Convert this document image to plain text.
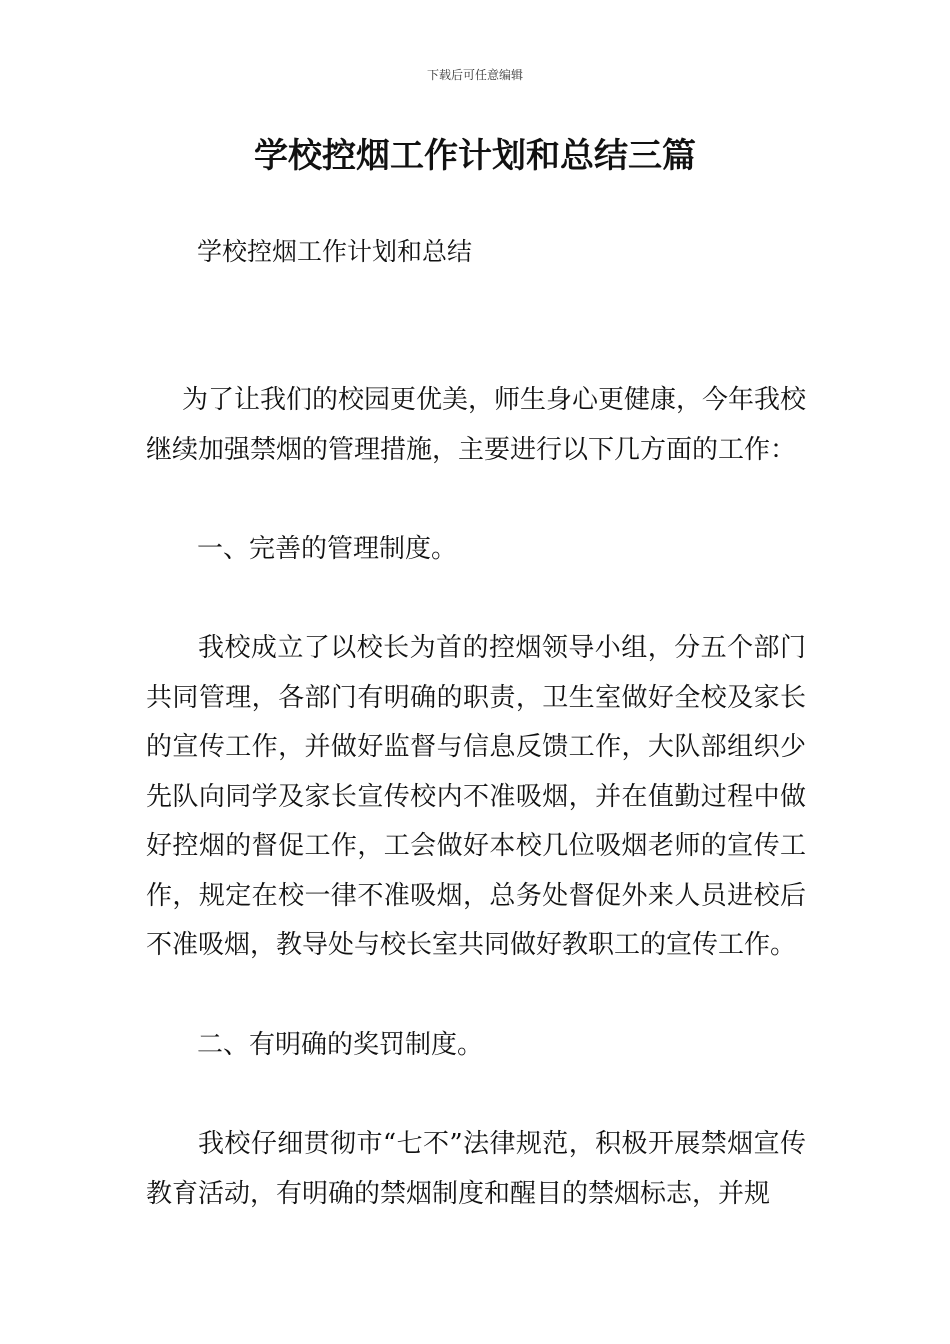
下载后可任意编辑
学校控烟工作计划和总结三篇
学校控烟工作计划和总结

为了让我们的校园更优美，师生身心更健康，今年我校继续加强禁烟的管理措施，主要进行以下几方面的工作：

一、完善的管理制度。

我校成立了以校长为首的控烟领导小组，分五个部门共同管理，各部门有明确的职责，卫生室做好全校及家长的宣传工作，并做好监督与信息反馈工作，大队部组织少先队向同学及家长宣传校内不准吸烟，并在值勤过程中做好控烟的督促工作，工会做好本校几位吸烟老师的宣传工作，规定在校一律不准吸烟，总务处督促外来人员进校后不准吸烟，教导处与校长室共同做好教职工的宣传工作。

二、有明确的奖罚制度。

我校仔细贯彻市“七不”法律规范，积极开展禁烟宣传教育活动，有明确的禁烟制度和醒目的禁烟标志，并规
